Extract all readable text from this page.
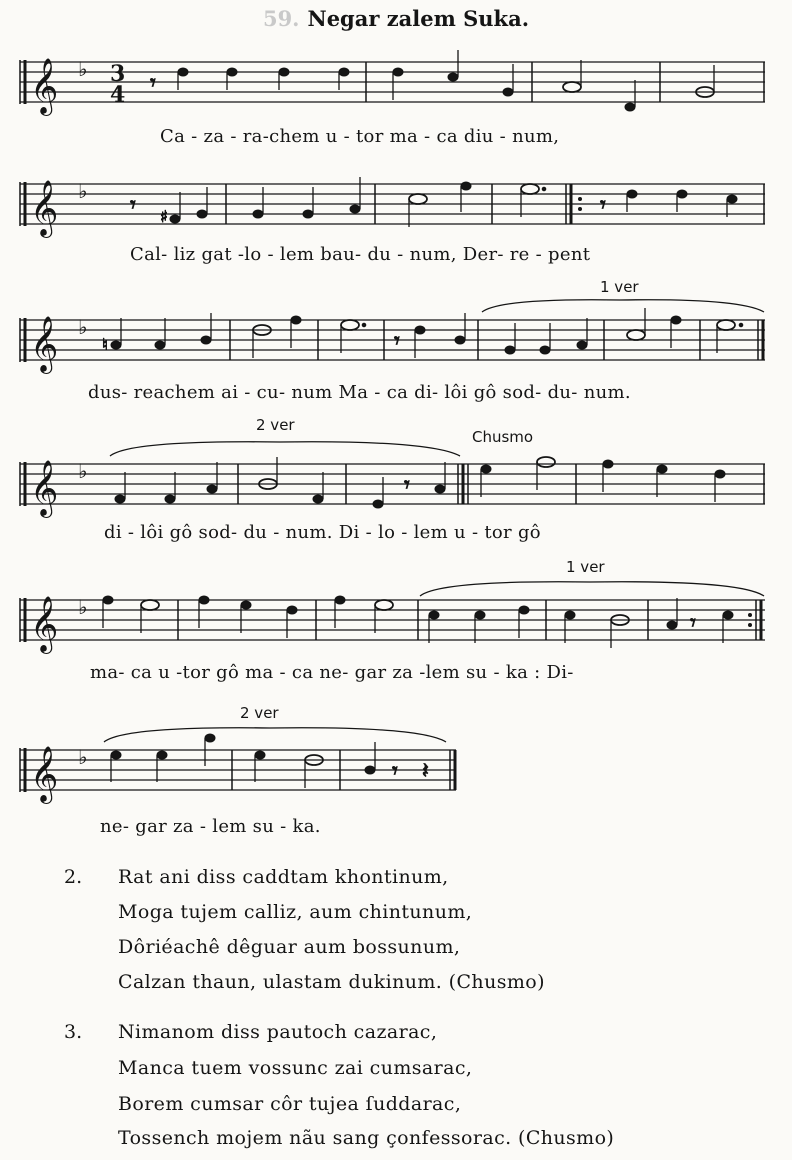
59. Negar zalem Suka.
𝄞 ♭ 3
4 𝄾
Ca - za - ra-chem u - tor ma - ca diu - num,
𝄞 ♭
𝄾 ♯	𝄾
Cal- liz gat -lo - lem bau- du - num, Der- re - pent
1 ver
𝄞 ♭
♮	𝄾
dus- reachem ai - cu- num Ma - ca di- lôi gô sod- du- num.
2 ver
Chusmo
𝄞 ♭
𝄾
di - lôi gô sod- du - num. Di - lo - lem u - tor gô
1 ver
𝄞 ♭
𝄾
ma- ca u -tor gô ma - ca ne- gar za -lem su - ka : Di-
2 ver
𝄞 ♭
𝄾 𝄽
ne- gar za - lem su - ka.
2. Rat ani diss caddtam khontinum,
Moga tujem calliz, aum chintunum,
Dôriéachê dêguar aum bossunum,
Calzan thaun, ulastam dukinum. (Chusmo)
3. Nimanom diss pautoch cazarac,
Manca tuem vossunc zai cumsarac,
Borem cumsar côr tujea ſuddarac,
Tossench mojem nãu sang çonfessorac. (Chusmo)
